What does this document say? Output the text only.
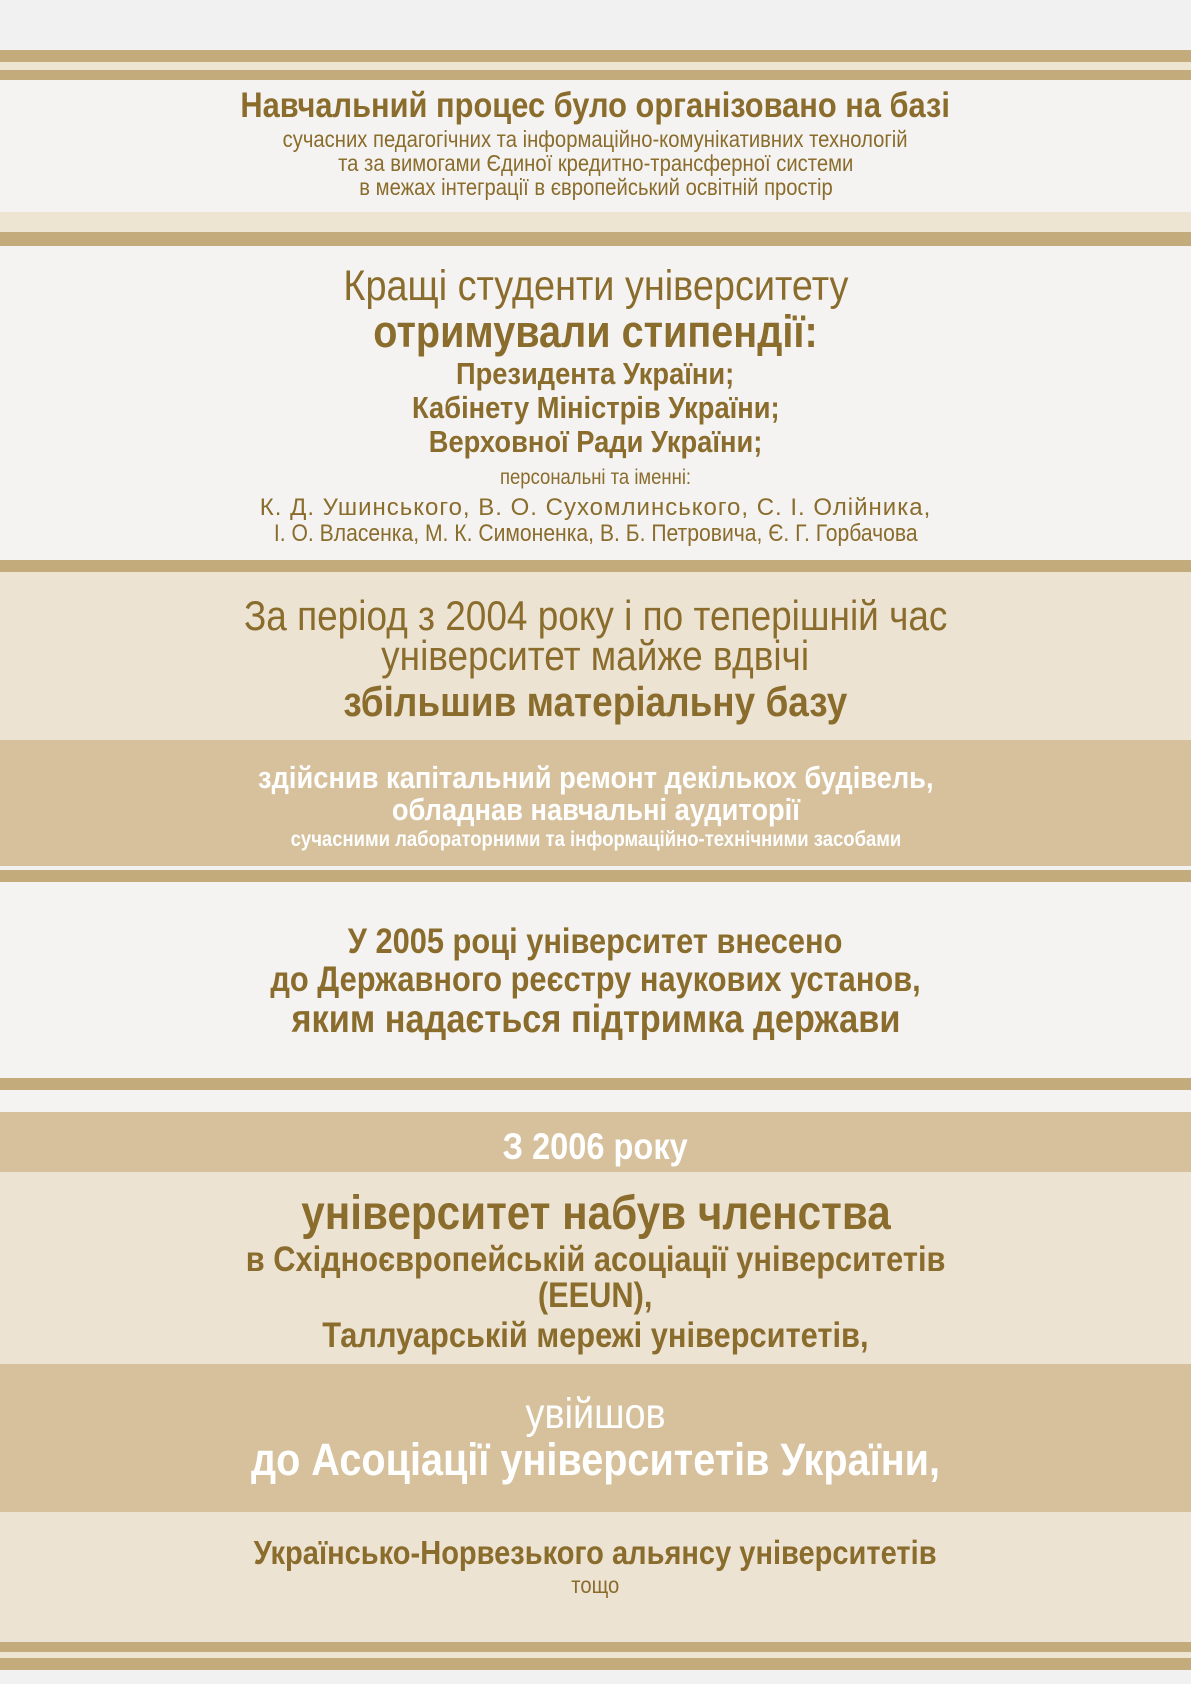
Навчальний процес було організовано на базі
сучасних педагогічних та інформаційно-комунікативних технологій
та за вимогами Єдиної кредитно-трансферної системи
в межах інтеграції в європейський освітній простір
Кращі студенти університету
отримували стипендії:
Президента України;
Кабінету Міністрів України;
Верховної Ради України;
персональні та іменні:
К. Д. Ушинського, В. О. Сухомлинського, С. І. Олійника,
І. О. Власенка, М. К. Симоненка, В. Б. Петровича, Є. Г. Горбачова
За період з 2004 року і по теперішній час
університет майже вдвічі
збільшив матеріальну базу
здійснив капітальний ремонт декількох будівель,
обладнав навчальні аудиторії
сучасними лабораторними та інформаційно-технічними засобами
У 2005 році університет внесено
до Державного реєстру наукових установ,
яким надається підтримка держави
З 2006 року
університет набув членства
в Східноєвропейській асоціації університетів
(EEUN),
Таллуарській мережі університетів,
увійшов
до Асоціації університетів України,
Українсько-Норвезького альянсу університетів
тощо
